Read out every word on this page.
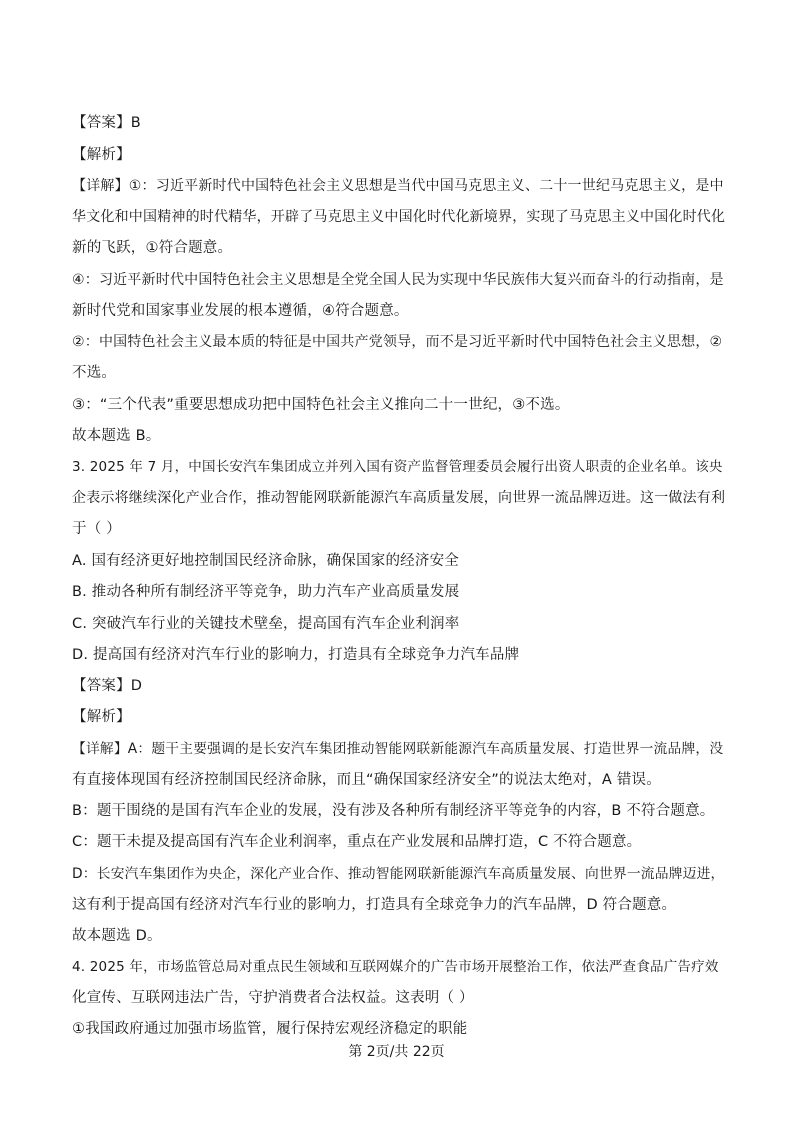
【答案】B
【解析】
【详解】①：习近平新时代中国特色社会主义思想是当代中国马克思主义、二十一世纪马克思主义，是中
华文化和中国精神的时代精华，开辟了马克思主义中国化时代化新境界，实现了马克思主义中国化时代化
新的飞跃，①符合题意。
④：习近平新时代中国特色社会主义思想是全党全国人民为实现中华民族伟大复兴而奋斗的行动指南，是
新时代党和国家事业发展的根本遵循，④符合题意。
②：中国特色社会主义最本质的特征是中国共产党领导，而不是习近平新时代中国特色社会主义思想，②
不选。
③：“三个代表”重要思想成功把中国特色社会主义推向二十一世纪，③不选。
故本题选 B。
3. 2025 年 7 月，中国长安汽车集团成立并列入国有资产监督管理委员会履行出资人职责的企业名单。该央
企表示将继续深化产业合作，推动智能网联新能源汽车高质量发展，向世界一流品牌迈进。这一做法有利
于（ ）
A. 国有经济更好地控制国民经济命脉，确保国家的经济安全
B. 推动各种所有制经济平等竞争，助力汽车产业高质量发展
C. 突破汽车行业的关键技术壁垒，提高国有汽车企业利润率
D. 提高国有经济对汽车行业的影响力，打造具有全球竞争力汽车品牌
【答案】D
【解析】
【详解】A：题干主要强调的是长安汽车集团推动智能网联新能源汽车高质量发展、打造世界一流品牌，没
有直接体现国有经济控制国民经济命脉，而且“确保国家经济安全”的说法太绝对，A 错误。
B：题干围绕的是国有汽车企业的发展，没有涉及各种所有制经济平等竞争的内容，B 不符合题意。
C：题干未提及提高国有汽车企业利润率，重点在产业发展和品牌打造，C 不符合题意。
D：长安汽车集团作为央企，深化产业合作、推动智能网联新能源汽车高质量发展、向世界一流品牌迈进，
这有利于提高国有经济对汽车行业的影响力，打造具有全球竞争力的汽车品牌，D 符合题意。
故本题选 D。
4. 2025 年，市场监管总局对重点民生领域和互联网媒介的广告市场开展整治工作，依法严查食品广告疗效
化宣传、互联网违法广告，守护消费者合法权益。这表明（ ）
①我国政府通过加强市场监管，履行保持宏观经济稳定的职能
第 2页/共 22页
